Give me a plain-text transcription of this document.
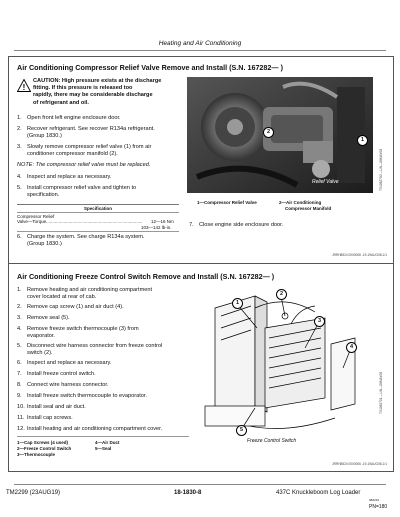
Heating and Air Conditioning
Air Conditioning Compressor Relief Valve Remove and Install (S.N. 167282— )
!
CAUTION: High pressure exists at the discharge
fitting. If this pressure is released too
rapidly, there may be considerable discharge
of refrigerant and oil.
1. Open front left engine enclosure door.
2. Recover refrigerant. See recover R134a refrigerant.
(Group 1830.)
3. Slowly remove compressor relief valve (1) from air
conditioner compressor manifold (2).
NOTE: The compressor relief valve must be replaced.
4. Inspect and replace as necessary.
5. Install compressor relief valve and tighten to
specification.
Specification
Compressor Relief
Valve—Torque.............................................................................	12—16 Nm
103—142 lb-in.
6. Charge the system. See charge R134a system.
(Group 1830.)
2
1
Relief Valve	TX1062700 —UN—08MAY08
1—Compressor Relief Valve	2—Air Conditioning
Compressor Manifold
7. Close engine side enclosure door.
JRRH8524 0000006 -19-19AUG08-1/1
Air Conditioning Freeze Control Switch Remove and Install (S.N. 167282— )
1. Remove heating and air conditioning compartment
cover located at rear of cab.
2. Remove cap screw (1) and air duct (4).
3. Remove seal (5).
4. Remove freeze switch thermocouple (3) from
evaporator.
5. Disconnect wire harness connector from freeze control
switch (2).
6. Inspect and replace as necessary.
7. Install freeze control switch.
8. Connect wire harness connector.
9. Install freeze switch thermocouple to evaporator.
10. Install seal and air duct.
11. Install cap screws.
12. Install heating and air conditioning compartment cover.
1—Cap Screws (4 used)
2—Freeze Control Switch
3—Thermocouple
4—Air Duct
5—Seal
1
2
3
4
5
Freeze Control Switch
TX1062701 —UN—08MAY08
JRRH8524 0000006 -19-19AUG08-1/1
TM2299 (23AUG19)	18-1830-8	437C Knuckleboom Log Loader
082219
PN=180
